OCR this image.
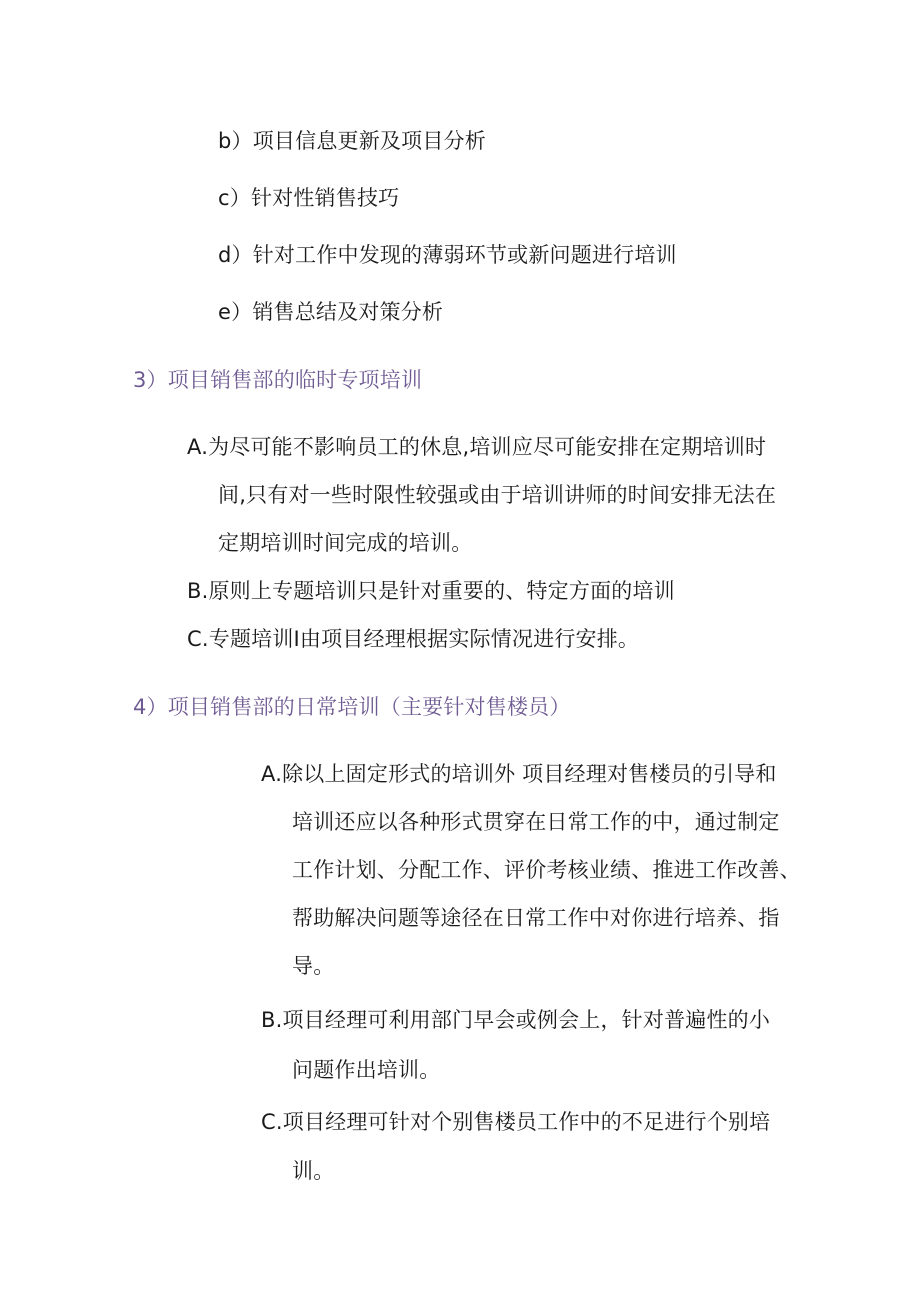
b）项目信息更新及项目分析
c）针对性销售技巧
d）针对工作中发现的薄弱环节或新问题进行培训
e）销售总结及对策分析
3）项目销售部的临时专项培训
A.为尽可能不影响员工的休息,培训应尽可能安排在定期培训时
间,只有对一些时限性较强或由于培训讲师的时间安排无法在
定期培训时间完成的培训。
B.原则上专题培训只是针对重要的、特定方面的培训
C.专题培训Ⅰ由项目经理根据实际情况进行安排。
4）项目销售部的日常培训（主要针对售楼员）
A.除以上固定形式的培训外 项目经理对售楼员的引导和
培训还应以各种形式贯穿在日常工作的中，通过制定
工作计划、分配工作、评价考核业绩、推进工作改善、
帮助解决问题等途径在日常工作中对你进行培养、指
导。
B.项目经理可利用部门早会或例会上，针对普遍性的小
问题作出培训。
C.项目经理可针对个别售楼员工作中的不足进行个别培
训。
